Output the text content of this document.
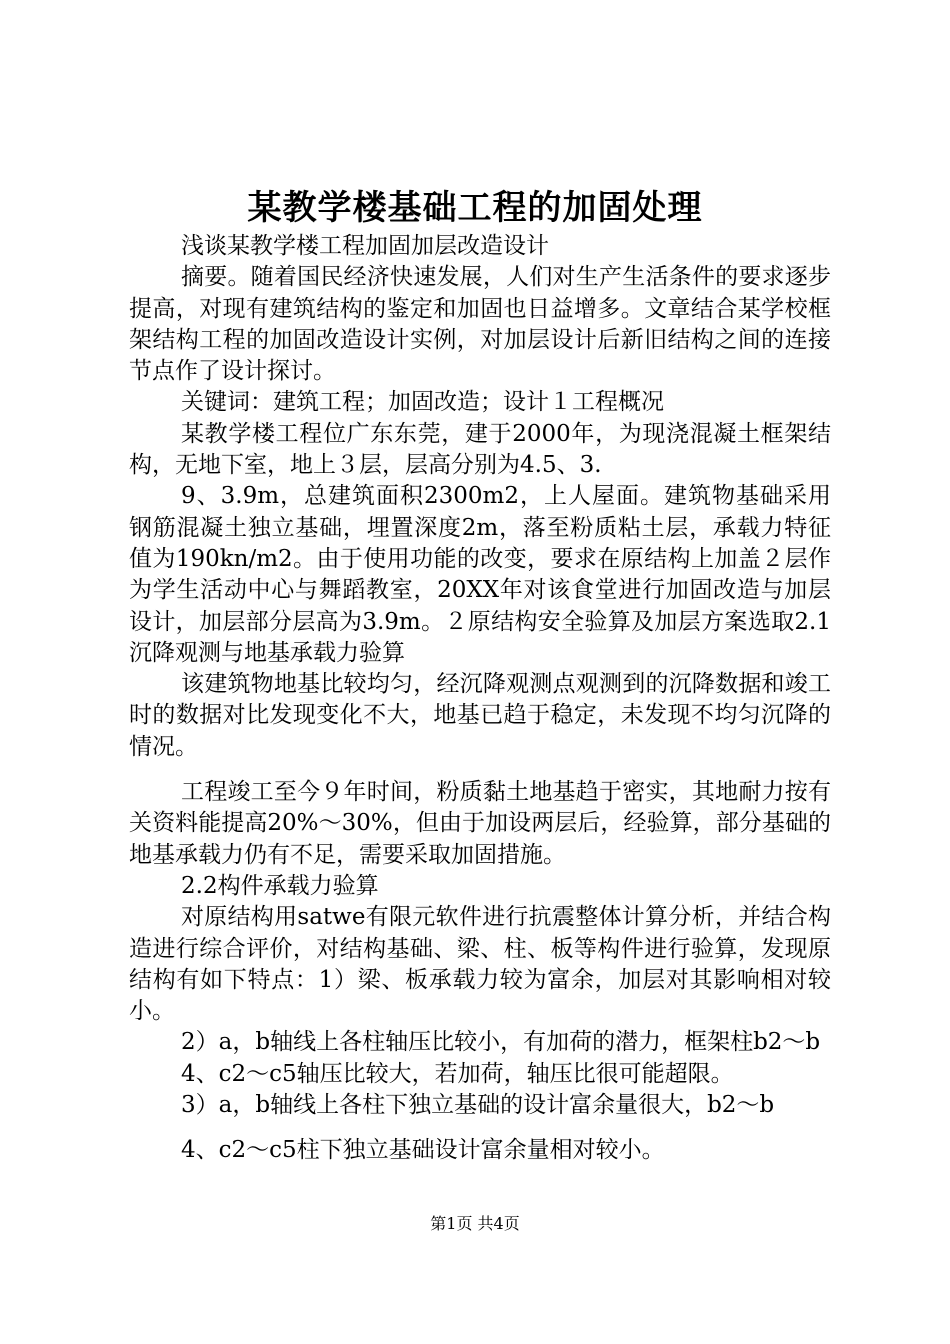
某教学楼基础工程的加固处理

浅谈某教学楼工程加固加层改造设计

摘要。随着国民经济快速发展，人们对生产生活条件的要求逐步提高，对现有建筑结构的鉴定和加固也日益增多。文章结合某学校框架结构工程的加固改造设计实例，对加层设计后新旧结构之间的连接节点作了设计探讨。

关键词：建筑工程；加固改造；设计１工程概况

某教学楼工程位广东东莞，建于2000年，为现浇混凝土框架结构，无地下室，地上３层，层高分别为4.5、3.

9、3.9m，总建筑面积2300m2，上人屋面。建筑物基础采用钢筋混凝土独立基础，埋置深度2m，落至粉质粘土层，承载力特征值为190kn/m2。由于使用功能的改变，要求在原结构上加盖２层作为学生活动中心与舞蹈教室，20XX年对该食堂进行加固改造与加层设计，加层部分层高为3.9m。２原结构安全验算及加层方案选取2.1沉降观测与地基承载力验算

该建筑物地基比较均匀，经沉降观测点观测到的沉降数据和竣工时的数据对比发现变化不大，地基已趋于稳定，未发现不均匀沉降的情况。

工程竣工至今９年时间，粉质黏土地基趋于密实，其地耐力按有关资料能提高20%～30%，但由于加设两层后，经验算，部分基础的地基承载力仍有不足，需要采取加固措施。

2.2构件承载力验算

对原结构用satwe有限元软件进行抗震整体计算分析，并结合构造进行综合评价，对结构基础、梁、柱、板等构件进行验算，发现原结构有如下特点：1）梁、板承载力较为富余，加层对其影响相对较小。

2）a，b轴线上各柱轴压比较小，有加荷的潜力，框架柱b2～b

4、c2～c5轴压比较大，若加荷，轴压比很可能超限。

3）a，b轴线上各柱下独立基础的设计富余量很大，b2～b

4、c2～c5柱下独立基础设计富余量相对较小。

第1页 共4页
